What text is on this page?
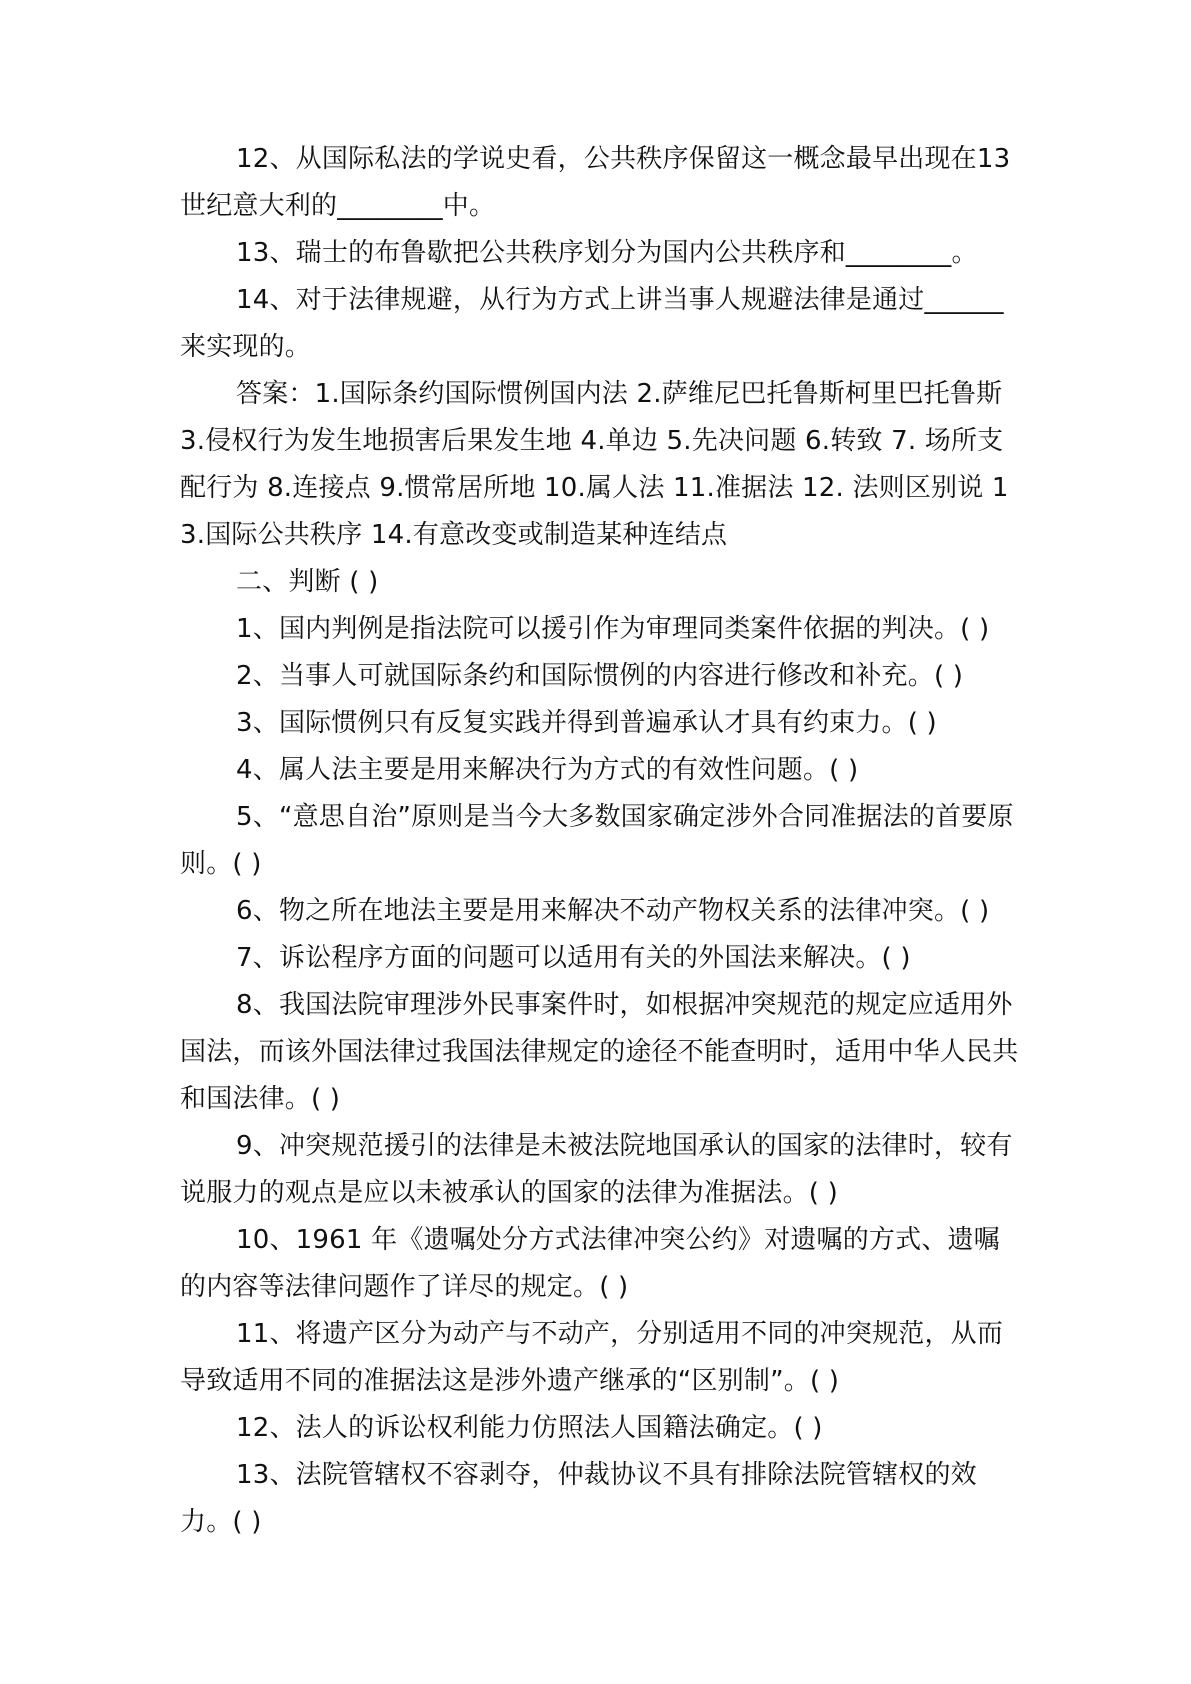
12、从国际私法的学说史看，公共秩序保留这一概念最早出现在13 世纪意大利的________中。

13、瑞士的布鲁歇把公共秩序划分为国内公共秩序和________。

14、对于法律规避，从行为方式上讲当事人规避法律是通过______来实现的。

答案：1.国际条约国际惯例国内法 2.萨维尼巴托鲁斯柯里巴托鲁斯 3.侵权行为发生地损害后果发生地 4.单边 5.先决问题 6.转致 7. 场所支配行为 8.连接点 9.惯常居所地 10.属人法 11.准据法 12. 法则区别说 13.国际公共秩序 14.有意改变或制造某种连结点

二、判断 ( )

1、国内判例是指法院可以援引作为审理同类案件依据的判决。( )

2、当事人可就国际条约和国际惯例的内容进行修改和补充。( )

3、国际惯例只有反复实践并得到普遍承认才具有约束力。( )

4、属人法主要是用来解决行为方式的有效性问题。( )

5、“意思自治”原则是当今大多数国家确定涉外合同准据法的首要原则。( )

6、物之所在地法主要是用来解决不动产物权关系的法律冲突。( )

7、诉讼程序方面的问题可以适用有关的外国法来解决。( )

8、我国法院审理涉外民事案件时，如根据冲突规范的规定应适用外国法，而该外国法律过我国法律规定的途径不能查明时，适用中华人民共和国法律。( )

9、冲突规范援引的法律是未被法院地国承认的国家的法律时，较有说服力的观点是应以未被承认的国家的法律为准据法。( )

10、1961 年《遗嘱处分方式法律冲突公约》对遗嘱的方式、遗嘱的内容等法律问题作了详尽的规定。( )

11、将遗产区分为动产与不动产，分别适用不同的冲突规范，从而导致适用不同的准据法这是涉外遗产继承的“区别制”。( )

12、法人的诉讼权利能力仿照法人国籍法确定。( )

13、法院管辖权不容剥夺，仲裁协议不具有排除法院管辖权的效力。( )
